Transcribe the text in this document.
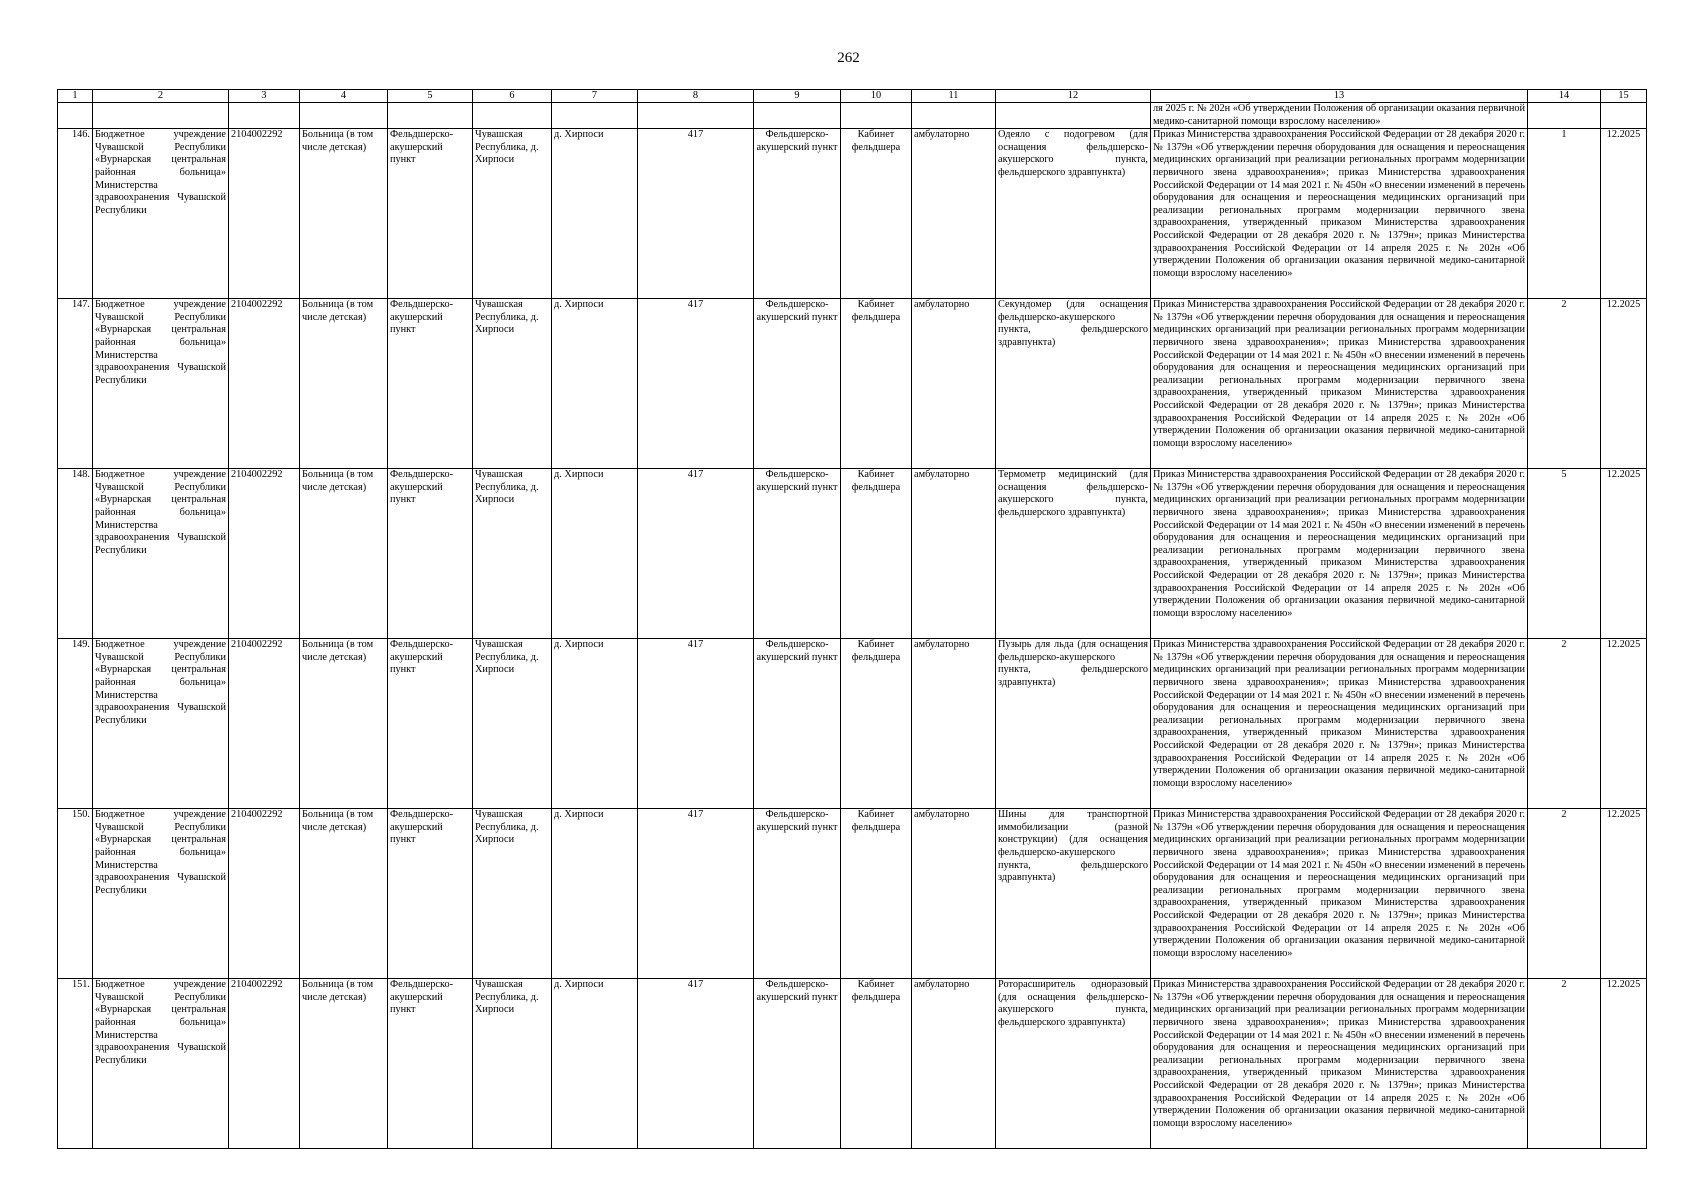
262
1	2	3	4	5	6	7	8	9	10	11	12	13	14	15
												ля 2025 г. № 202н «Об утверждении Положения об организации оказания первичной медико-санитарной помощи взрослому населению»		
146.	Бюджетное учреждение Чувашской Республики «Вурнарская центральная районная больница» Министерства здравоохранения Чувашской Республики	2104002292	Больница (в том числе детская)	Фельдшерско-акушерский пункт	Чувашская Республика, д. Хирпоси	д. Хирпоси	417	Фельдшерско-акушерский пункт	Кабинет фельдшера	амбулаторно	Одеяло с подогревом (для оснащения фельдшерско-акушерского пункта, фельдшерского здравпункта)	Приказ Министерства здравоохранения Российской Федерации от 28 декабря 2020 г. № 1379н «Об утверждении перечня оборудования для оснащения и переоснащения медицинских организаций при реализации региональных программ модернизации первичного звена здравоохранения»; приказ Министерства здравоохранения Российской Федерации от 14 мая 2021 г. № 450н «О внесении изменений в перечень оборудования для оснащения и переоснащения медицинских организаций при реализации региональных программ модернизации первичного звена здравоохранения, утвержденный приказом Министерства здравоохранения Российской Федерации от 28 декабря 2020 г. № 1379н»; приказ Министерства здравоохранения Российской Федерации от 14 апреля 2025 г. № 202н «Об утверждении Положения об организации оказания первичной медико-санитарной помощи взрослому населению»	1	12.2025
147.	Бюджетное учреждение Чувашской Республики «Вурнарская центральная районная больница» Министерства здравоохранения Чувашской Республики	2104002292	Больница (в том числе детская)	Фельдшерско-акушерский пункт	Чувашская Республика, д. Хирпоси	д. Хирпоси	417	Фельдшерско-акушерский пункт	Кабинет фельдшера	амбулаторно	Секундомер (для оснащения фельдшерско-акушерского пункта, фельдшерского здравпункта)	Приказ Министерства здравоохранения Российской Федерации от 28 декабря 2020 г. № 1379н «Об утверждении перечня оборудования для оснащения и переоснащения медицинских организаций при реализации региональных программ модернизации первичного звена здравоохранения»; приказ Министерства здравоохранения Российской Федерации от 14 мая 2021 г. № 450н «О внесении изменений в перечень оборудования для оснащения и переоснащения медицинских организаций при реализации региональных программ модернизации первичного звена здравоохранения, утвержденный приказом Министерства здравоохранения Российской Федерации от 28 декабря 2020 г. № 1379н»; приказ Министерства здравоохранения Российской Федерации от 14 апреля 2025 г. № 202н «Об утверждении Положения об организации оказания первичной медико-санитарной помощи взрослому населению»	2	12.2025
148.	Бюджетное учреждение Чувашской Республики «Вурнарская центральная районная больница» Министерства здравоохранения Чувашской Республики	2104002292	Больница (в том числе детская)	Фельдшерско-акушерский пункт	Чувашская Республика, д. Хирпоси	д. Хирпоси	417	Фельдшерско-акушерский пункт	Кабинет фельдшера	амбулаторно	Термометр медицинский (для оснащения фельдшерско-акушерского пункта, фельдшерского здравпункта)	Приказ Министерства здравоохранения Российской Федерации от 28 декабря 2020 г. № 1379н «Об утверждении перечня оборудования для оснащения и переоснащения медицинских организаций при реализации региональных программ модернизации первичного звена здравоохранения»; приказ Министерства здравоохранения Российской Федерации от 14 мая 2021 г. № 450н «О внесении изменений в перечень оборудования для оснащения и переоснащения медицинских организаций при реализации региональных программ модернизации первичного звена здравоохранения, утвержденный приказом Министерства здравоохранения Российской Федерации от 28 декабря 2020 г. № 1379н»; приказ Министерства здравоохранения Российской Федерации от 14 апреля 2025 г. № 202н «Об утверждении Положения об организации оказания первичной медико-санитарной помощи взрослому населению»	5	12.2025
149.	Бюджетное учреждение Чувашской Республики «Вурнарская центральная районная больница» Министерства здравоохранения Чувашской Республики	2104002292	Больница (в том числе детская)	Фельдшерско-акушерский пункт	Чувашская Республика, д. Хирпоси	д. Хирпоси	417	Фельдшерско-акушерский пункт	Кабинет фельдшера	амбулаторно	Пузырь для льда (для оснащения фельдшерско-акушерского пункта, фельдшерского здравпункта)	Приказ Министерства здравоохранения Российской Федерации от 28 декабря 2020 г. № 1379н «Об утверждении перечня оборудования для оснащения и переоснащения медицинских организаций при реализации региональных программ модернизации первичного звена здравоохранения»; приказ Министерства здравоохранения Российской Федерации от 14 мая 2021 г. № 450н «О внесении изменений в перечень оборудования для оснащения и переоснащения медицинских организаций при реализации региональных программ модернизации первичного звена здравоохранения, утвержденный приказом Министерства здравоохранения Российской Федерации от 28 декабря 2020 г. № 1379н»; приказ Министерства здравоохранения Российской Федерации от 14 апреля 2025 г. № 202н «Об утверждении Положения об организации оказания первичной медико-санитарной помощи взрослому населению»	2	12.2025
150.	Бюджетное учреждение Чувашской Республики «Вурнарская центральная районная больница» Министерства здравоохранения Чувашской Республики	2104002292	Больница (в том числе детская)	Фельдшерско-акушерский пункт	Чувашская Республика, д. Хирпоси	д. Хирпоси	417	Фельдшерско-акушерский пункт	Кабинет фельдшера	амбулаторно	Шины для транспортной иммобилизации (разной конструкции) (для оснащения фельдшерско-акушерского пункта, фельдшерского здравпункта)	Приказ Министерства здравоохранения Российской Федерации от 28 декабря 2020 г. № 1379н «Об утверждении перечня оборудования для оснащения и переоснащения медицинских организаций при реализации региональных программ модернизации первичного звена здравоохранения»; приказ Министерства здравоохранения Российской Федерации от 14 мая 2021 г. № 450н «О внесении изменений в перечень оборудования для оснащения и переоснащения медицинских организаций при реализации региональных программ модернизации первичного звена здравоохранения, утвержденный приказом Министерства здравоохранения Российской Федерации от 28 декабря 2020 г. № 1379н»; приказ Министерства здравоохранения Российской Федерации от 14 апреля 2025 г. № 202н «Об утверждении Положения об организации оказания первичной медико-санитарной помощи взрослому населению»	2	12.2025
151.	Бюджетное учреждение Чувашской Республики «Вурнарская центральная районная больница» Министерства здравоохранения Чувашской Республики	2104002292	Больница (в том числе детская)	Фельдшерско-акушерский пункт	Чувашская Республика, д. Хирпоси	д. Хирпоси	417	Фельдшерско-акушерский пункт	Кабинет фельдшера	амбулаторно	Роторасширитель одноразовый (для оснащения фельдшерско-акушерского пункта, фельдшерского здравпункта)	Приказ Министерства здравоохранения Российской Федерации от 28 декабря 2020 г. № 1379н «Об утверждении перечня оборудования для оснащения и переоснащения медицинских организаций при реализации региональных программ модернизации первичного звена здравоохранения»; приказ Министерства здравоохранения Российской Федерации от 14 мая 2021 г. № 450н «О внесении изменений в перечень оборудования для оснащения и переоснащения медицинских организаций при реализации региональных программ модернизации первичного звена здравоохранения, утвержденный приказом Министерства здравоохранения Российской Федерации от 28 декабря 2020 г. № 1379н»; приказ Министерства здравоохранения Российской Федерации от 14 апреля 2025 г. № 202н «Об утверждении Положения об организации оказания первичной медико-санитарной помощи взрослому населению»	2	12.2025
